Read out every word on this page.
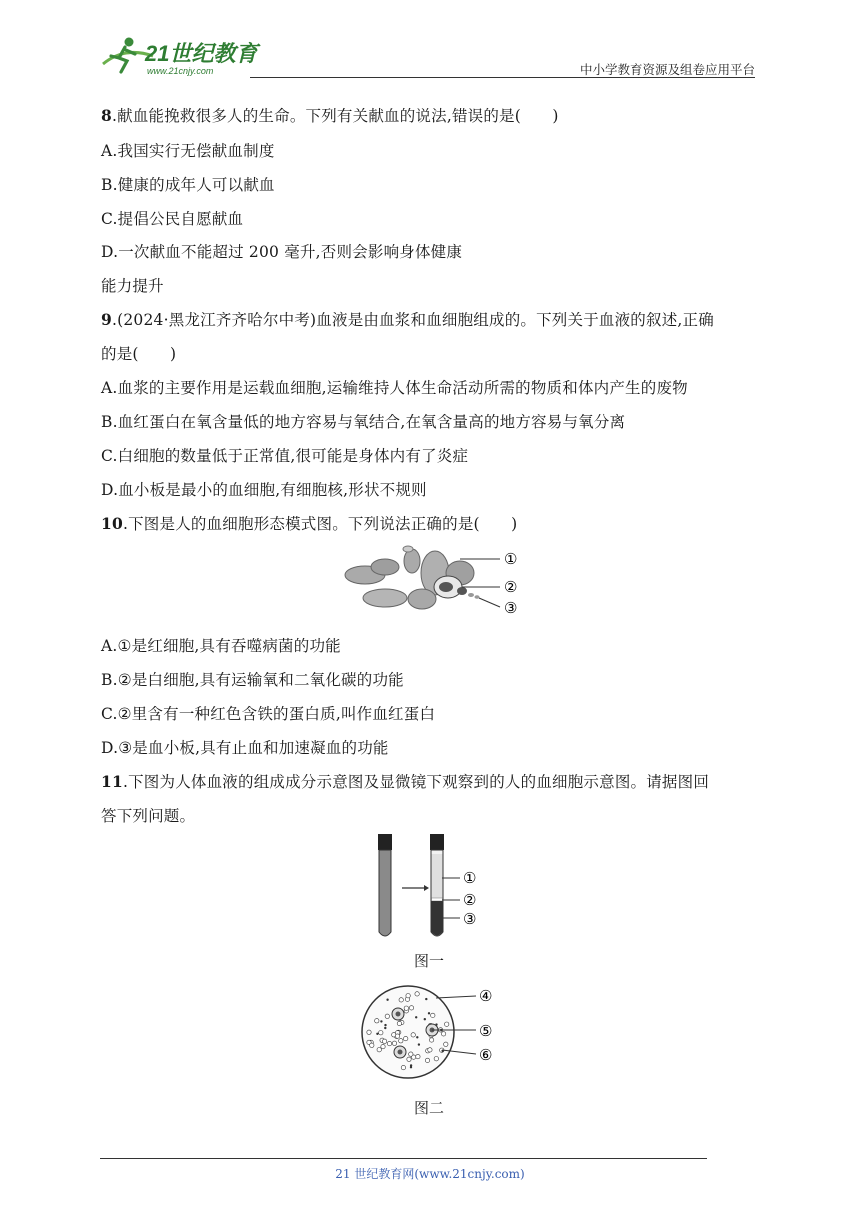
21世纪教育
www.21cnjy.com	中小学教育资源及组卷应用平台
8.献血能挽救很多人的生命。下列有关献血的说法,错误的是(　　)
A.我国实行无偿献血制度
B.健康的成年人可以献血
C.提倡公民自愿献血
D.一次献血不能超过 200 毫升,否则会影响身体健康
能力提升
9.(2024·黑龙江齐齐哈尔中考)血液是由血浆和血细胞组成的。下列关于血液的叙述,正确
的是(　　)
A.血浆的主要作用是运载血细胞,运输维持人体生命活动所需的物质和体内产生的废物
B.血红蛋白在氧含量低的地方容易与氧结合,在氧含量高的地方容易与氧分离
C.白细胞的数量低于正常值,很可能是身体内有了炎症
D.血小板是最小的血细胞,有细胞核,形状不规则
10.下图是人的血细胞形态模式图。下列说法正确的是(　　)
①
②
③
A.①是红细胞,具有吞噬病菌的功能
B.②是白细胞,具有运输氧和二氧化碳的功能
C.②里含有一种红色含铁的蛋白质,叫作血红蛋白
D.③是血小板,具有止血和加速凝血的功能
11.下图为人体血液的组成成分示意图及显微镜下观察到的人的血细胞示意图。请据图回
答下列问题。
①
②
③
图一
④
⑤
⑥
图二
21 世纪教育网(www.21cnjy.com)
